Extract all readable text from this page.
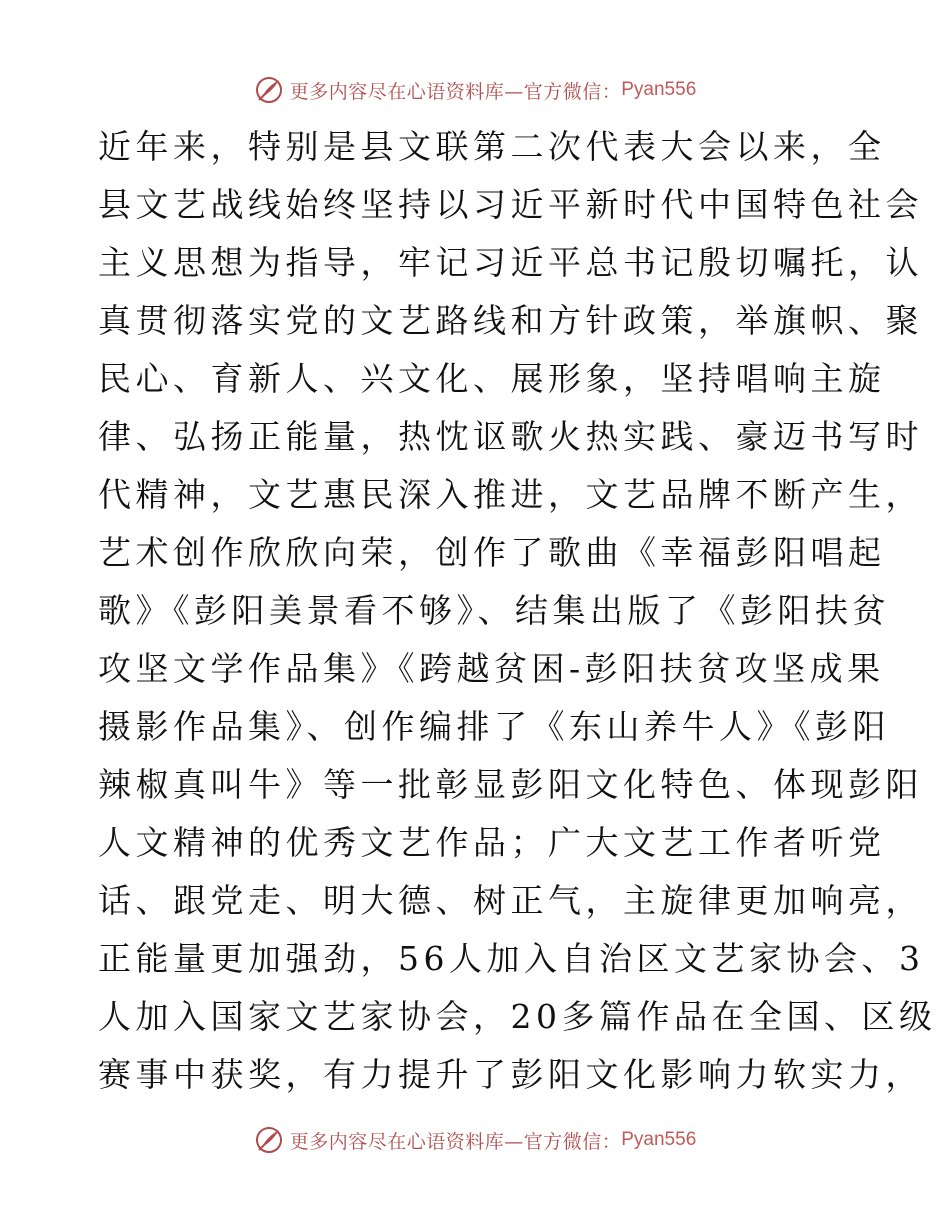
更多内容尽在心语资料库—官方微信： Pyan556
近年来，特别是县文联第二次代表大会以来，全
县文艺战线始终坚持以习近平新时代中国特色社会
主义思想为指导，牢记习近平总书记殷切嘱托，认
真贯彻落实党的文艺路线和方针政策，举旗帜、聚
民心、育新人、兴文化、展形象，坚持唱响主旋
律、弘扬正能量，热忱讴歌火热实践、豪迈书写时
代精神，文艺惠民深入推进，文艺品牌不断产生，
艺术创作欣欣向荣，创作了歌曲《幸福彭阳唱起
歌》《彭阳美景看不够》、结集出版了《彭阳扶贫
攻坚文学作品集》《跨越贫困-彭阳扶贫攻坚成果
摄影作品集》、创作编排了《东山养牛人》《彭阳
辣椒真叫牛》等一批彰显彭阳文化特色、体现彭阳
人文精神的优秀文艺作品；广大文艺工作者听党
话、跟党走、明大德、树正气，主旋律更加响亮，
正能量更加强劲，56人加入自治区文艺家协会、3
人加入国家文艺家协会，20多篇作品在全国、区级
赛事中获奖，有力提升了彭阳文化影响力软实力，
更多内容尽在心语资料库—官方微信： Pyan556
